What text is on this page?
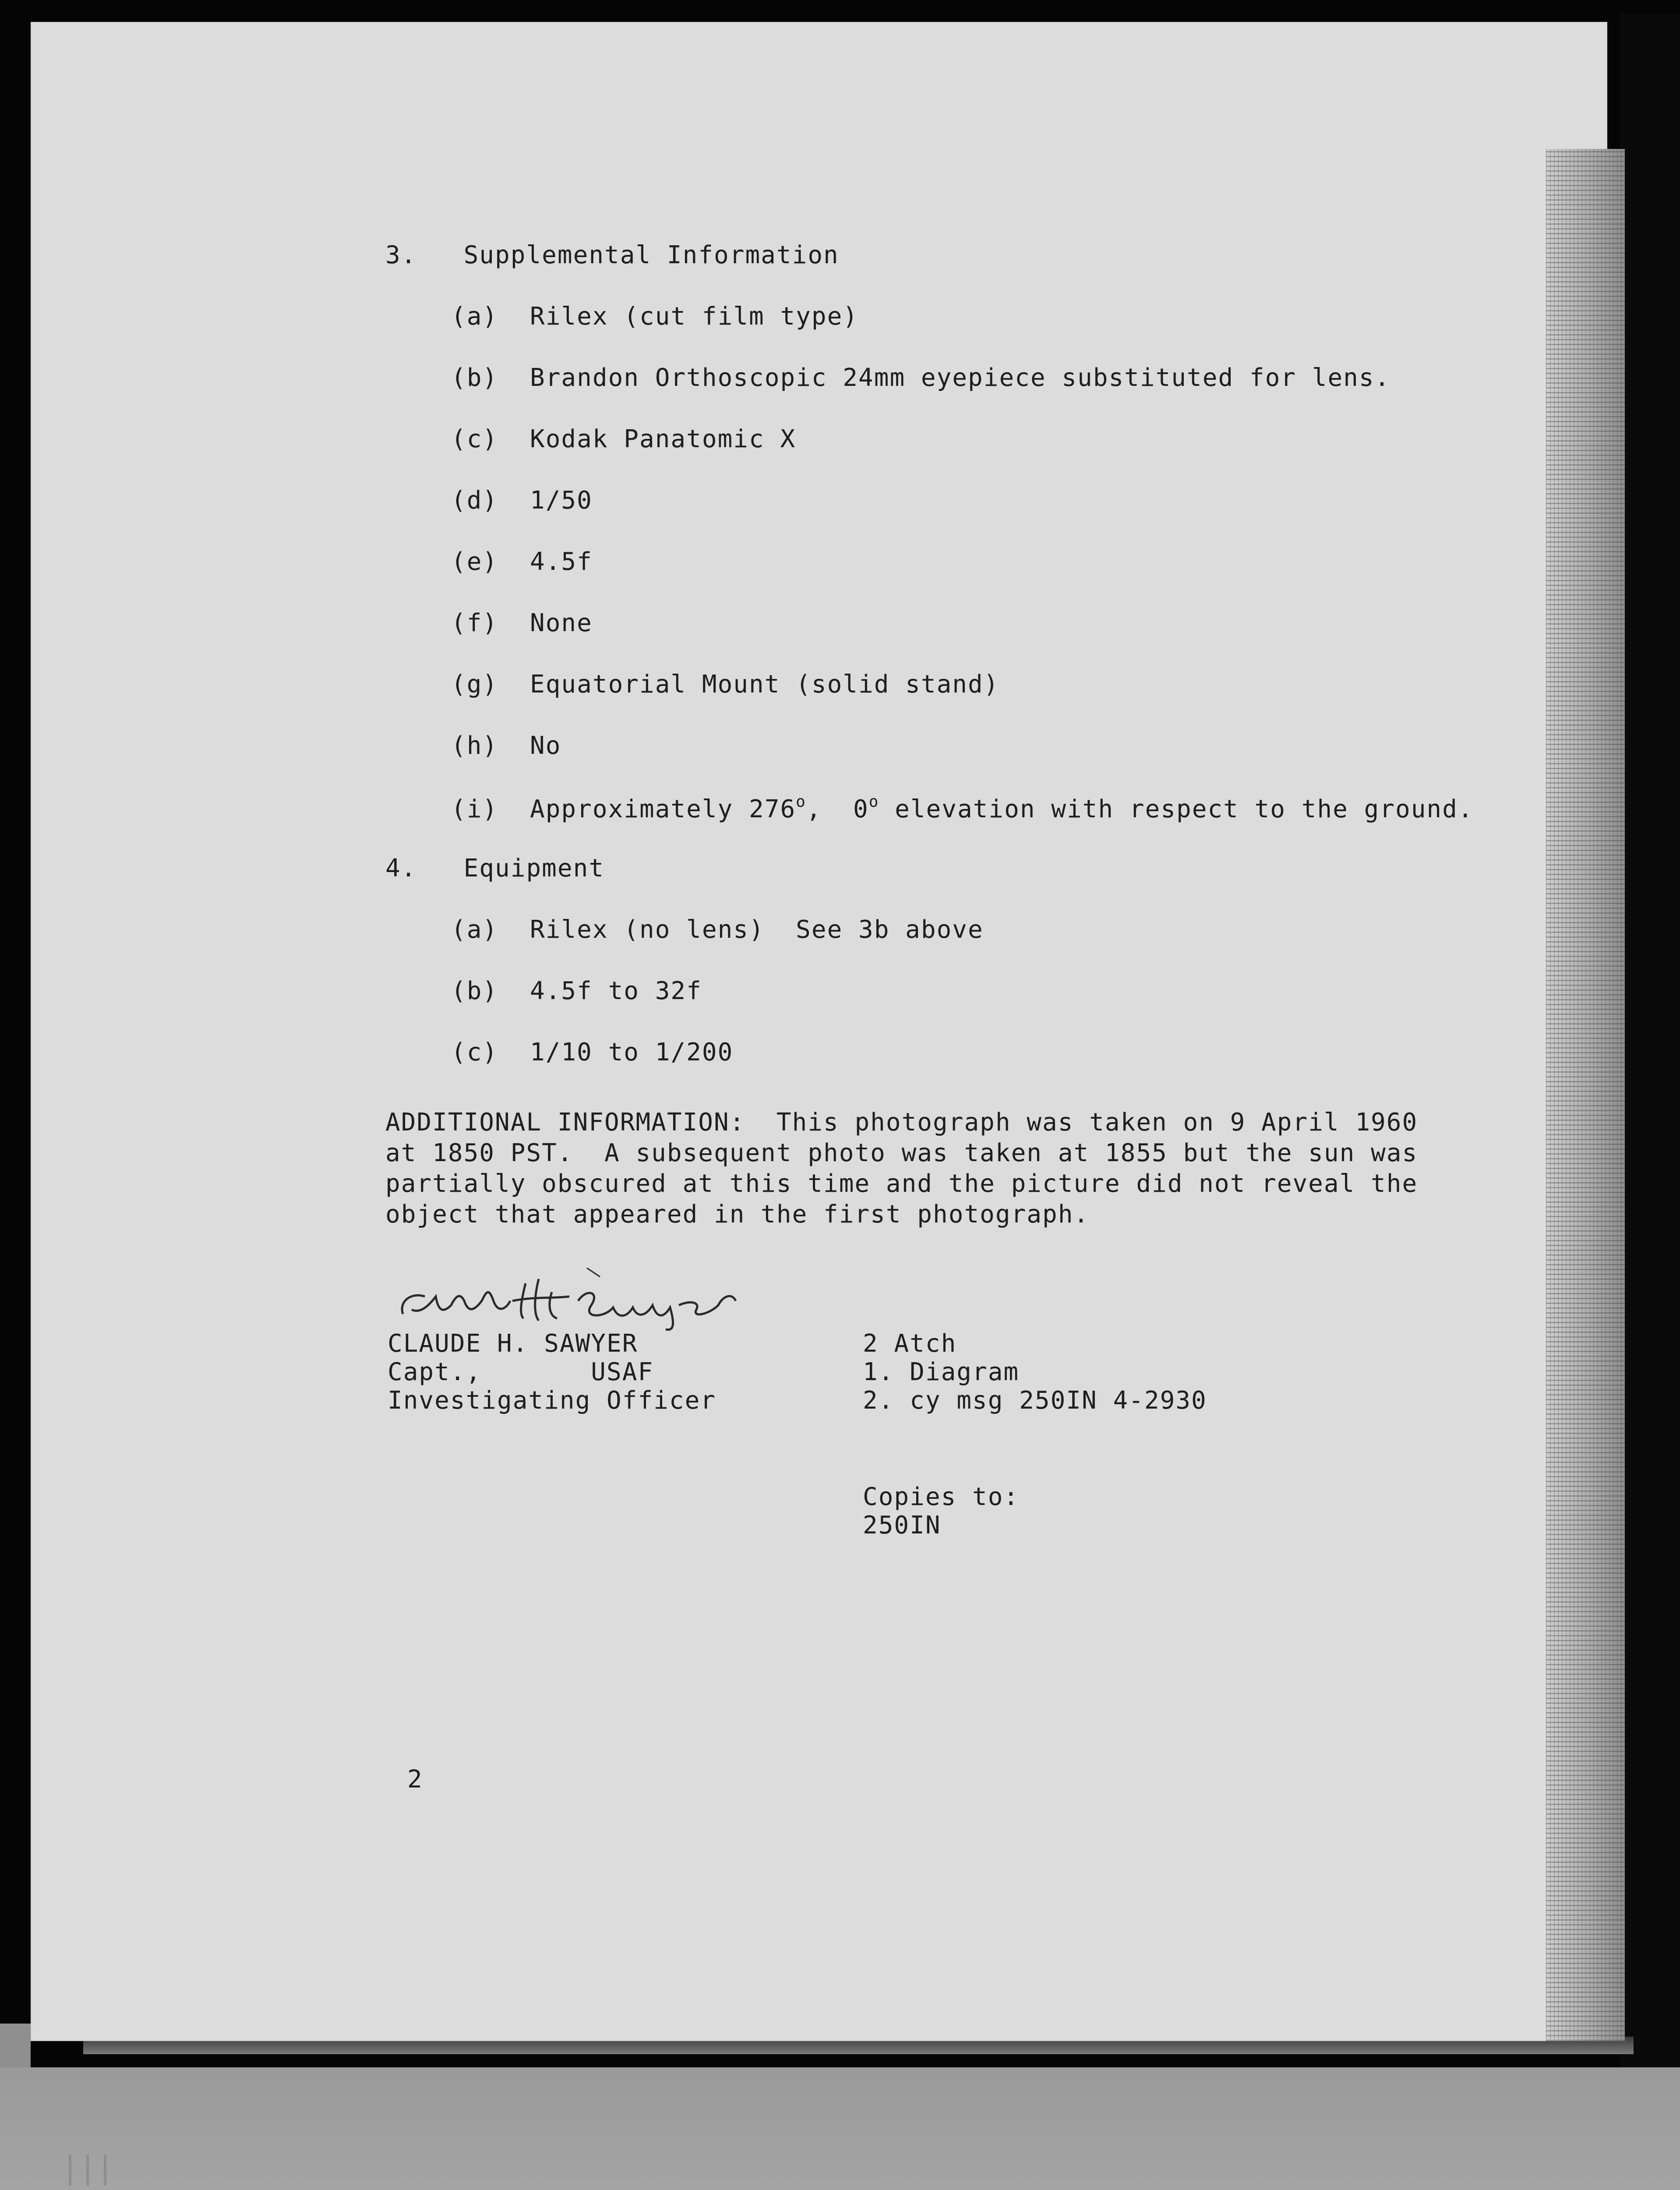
3. Supplemental Information
(a) Rilex (cut film type)
(b) Brandon Orthoscopic 24mm eyepiece substituted for lens.
(c) Kodak Panatomic X
(d) 1/50
(e) 4.5f
(f) None
(g) Equatorial Mount (solid stand)
(h) No
(i) Approximately 276$^o$,  0$^o$ elevation with respect to the ground.
4. Equipment
(a) Rilex (no lens)  See 3b above
(b) 4.5f to 32f
(c) 1/10 to 1/200
ADDITIONAL INFORMATION:  This photograph was taken on 9 April 1960
at 1850 PST.  A subsequent photo was taken at 1855 but the sun was
partially obscured at this time and the picture did not reveal the
object that appeared in the first photograph.
CLAUDE H. SAWYER
Capt.,       USAF
Investigating Officer
2 Atch
1. Diagram
2. cy msg 250IN 4-2930
Copies to:
250IN
2
